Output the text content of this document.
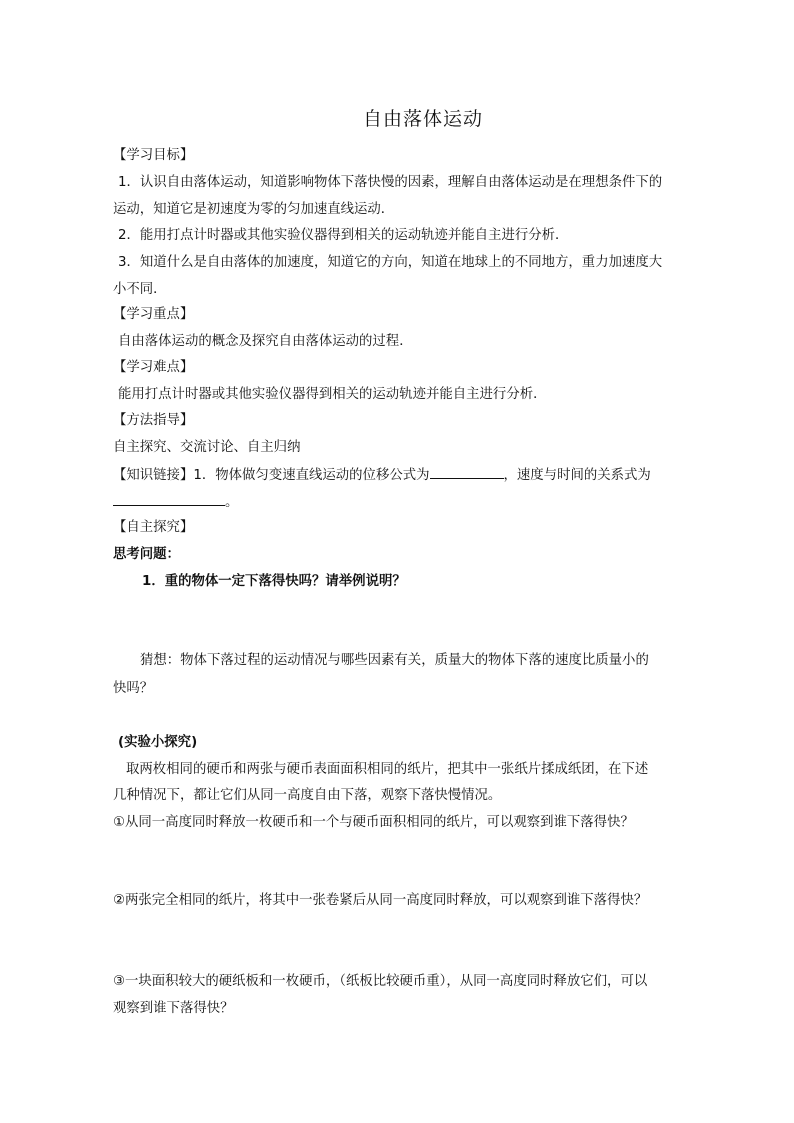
自由落体运动
【学习目标】
1．认识自由落体运动，知道影响物体下落快慢的因素，理解自由落体运动是在理想条件下的
运动，知道它是初速度为零的匀加速直线运动．
2．能用打点计时器或其他实验仪器得到相关的运动轨迹并能自主进行分析．
3．知道什么是自由落体的加速度，知道它的方向，知道在地球上的不同地方，重力加速度大
小不同．
【学习重点】
自由落体运动的概念及探究自由落体运动的过程．
【学习难点】
能用打点计时器或其他实验仪器得到相关的运动轨迹并能自主进行分析．
【方法指导】
自主探究、交流讨论、自主归纳
【知识链接】1．物体做匀变速直线运动的位移公式为	，速度与时间的关系式为
。
【自主探究】
思考问题：
1．重的物体一定下落得快吗？请举例说明？
猜想：物体下落过程的运动情况与哪些因素有关，质量大的物体下落的速度比质量小的
快吗？
(实验小探究)
取两枚相同的硬币和两张与硬币表面面积相同的纸片，把其中一张纸片揉成纸团，在下述
几种情况下，都让它们从同一高度自由下落，观察下落快慢情况。
①从同一高度同时释放一枚硬币和一个与硬币面积相同的纸片，可以观察到谁下落得快？
②两张完全相同的纸片，将其中一张卷紧后从同一高度同时释放，可以观察到谁下落得快？
③一块面积较大的硬纸板和一枚硬币，（纸板比较硬币重），从同一高度同时释放它们，可以
观察到谁下落得快？
